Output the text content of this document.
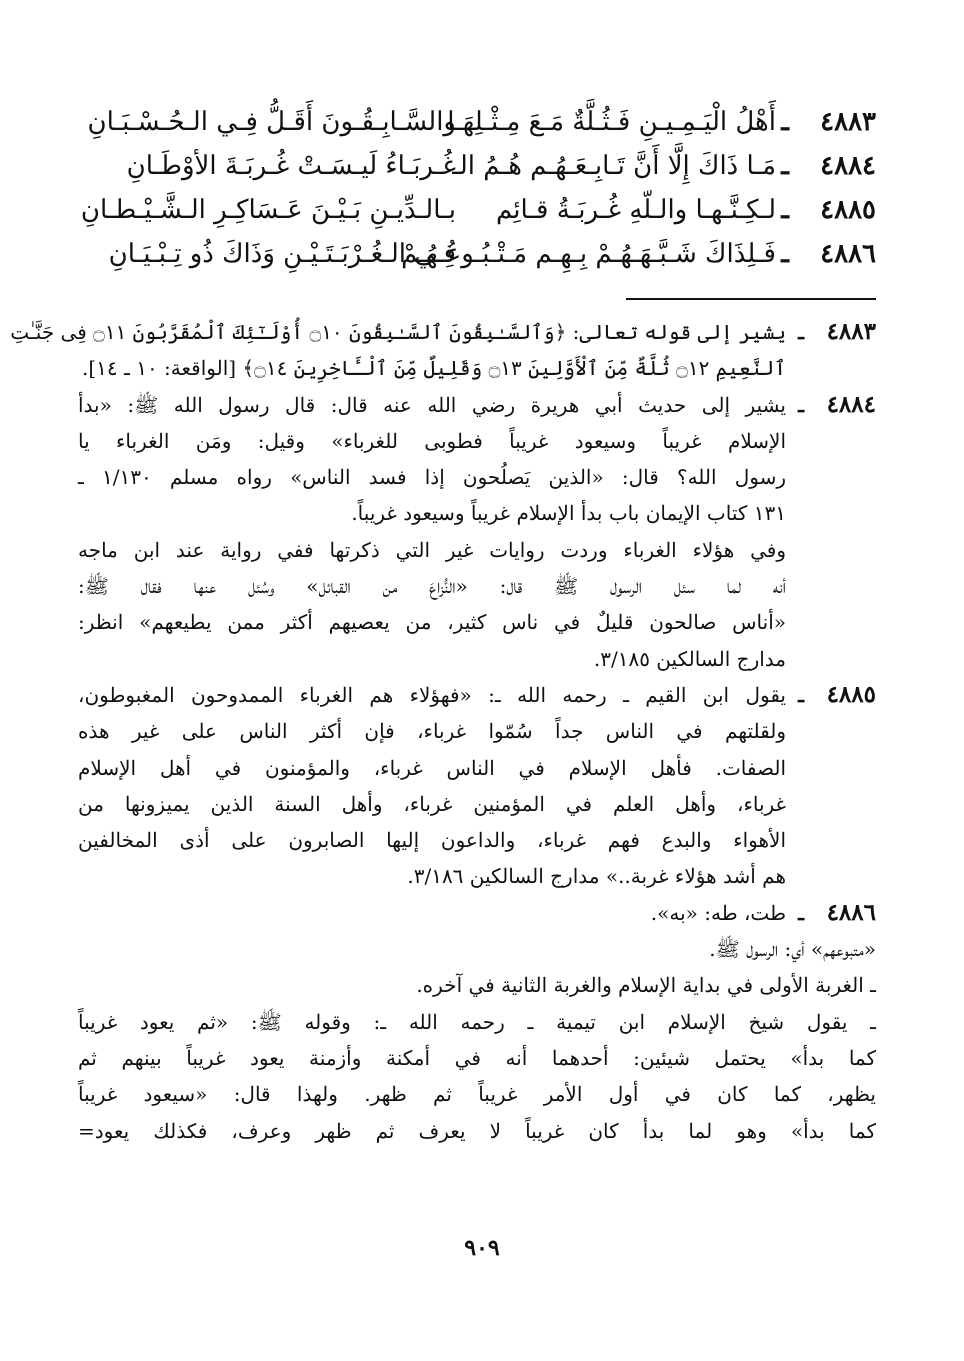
٤٨٨٣
ـ
أَهْلُ الْيَـمِـيـنِ فَـثُـلَّةٌ مَـعَ مِـثْـلِهَـا
والسَّـابِـقُـونَ أَقَـلُّ فِـي الـحُـسْـبَـانِ
٤٨٨٤
ـ
مَـا ذَاكَ إِلَّا أَنَّ تَـابِـعَـهُـم هُـمُ الـ
غُـربَـاءُ لَيـسَـتْ غُـربَـةَ الأوْطَـانِ
٤٨٨٥
ـ
لـكِـنَّـهـا والـلّهِ غُـربَـةُ قـائِم
بـالـدِّيـنِ بَـيْـنَ عَـسَاكِـرِ الـشَّـيْـطـانِ
٤٨٨٦
ـ
فَـلِذَاكَ شَـبَّـهَـهُـمْ بِـهِـم مَـتْـبُـوعُـهُـمْ
فِـي الـغُـرْبَـتَـيْـنِ وَذَاكَ ذُو تِـبْـيَـانِ
٤٨٨٣
ـ
يشير إلى قوله تعالى: ﴿وَٱلسَّـٰبِقُونَ ٱلسَّـٰبِقُونَ ۝١٠ أُوْلَـٰٓئِكَ ٱلْمُقَرَّبُونَ ۝١١ فِى جَنَّـٰتِ
ٱلنَّعِيمِ ۝١٢ ثُلَّةٌ مِّنَ ٱلْأَوَّلِينَ ۝١٣ وَقَلِيلٌ مِّنَ ٱلْـَٔاخِرِينَ ۝١٤﴾ [الواقعة: ١٠ ـ ١٤].
٤٨٨٤
ـ
يشير إلى حديث أبي هريرة رضي الله عنه قال: قال رسول الله ﷺ: «بدأ
الإسلام غريباً وسيعود غريباً فطوبى للغرباء» وقيل: ومَن الغرباء يا
رسول الله؟ قال: «الذين يَصلُحون إذا فسد الناس» رواه مسلم ١/١٣٠ ـ
١٣١ كتاب الإيمان باب بدأ الإسلام غريباً وسيعود غريباً.
وفي هؤلاء الغرباء وردت روايات غير التي ذكرتها ففي رواية عند ابن ماجه
أنه لما سئل الرسول ﷺ قال: «النُّزاعَ من القبائل» وسُئل عنها فقال ﷺ:
«أناس صالحون قليلٌ في ناس كثير، من يعصيهم أكثر ممن يطيعهم» انظر:
مدارج السالكين ٣/١٨٥.
٤٨٨٥
ـ
يقول ابن القيم ـ رحمه الله ـ: «فهؤلاء هم الغرباء الممدوحون المغبوطون،
ولقلتهم في الناس جداً سُمّوا غرباء، فإن أكثر الناس على غير هذه
الصفات. فأهل الإسلام في الناس غرباء، والمؤمنون في أهل الإسلام
غرباء، وأهل العلم في المؤمنين غرباء، وأهل السنة الذين يميزونها من
الأهواء والبدع فهم غرباء، والداعون إليها الصابرون على أذى المخالفين
هم أشد هؤلاء غربة..» مدارج السالكين ٣/١٨٦.
٤٨٨٦
ـ
طت، طه: «به».
«متبوعهم» أي: الرسول ﷺ.
ـ الغربة الأولى في بداية الإسلام والغربة الثانية في آخره.
ـ يقول شيخ الإسلام ابن تيمية ـ رحمه الله ـ: وقوله ﷺ: «ثم يعود غريباً
كما بدأ» يحتمل شيئين: أحدهما أنه في أمكنة وأزمنة يعود غريباً بينهم ثم
يظهر، كما كان في أول الأمر غريباً ثم ظهر. ولهذا قال: «سيعود غريباً
كما بدأ» وهو لما بدأ كان غريباً لا يعرف ثم ظهر وعرف، فكذلك يعود=
٩٠٩
